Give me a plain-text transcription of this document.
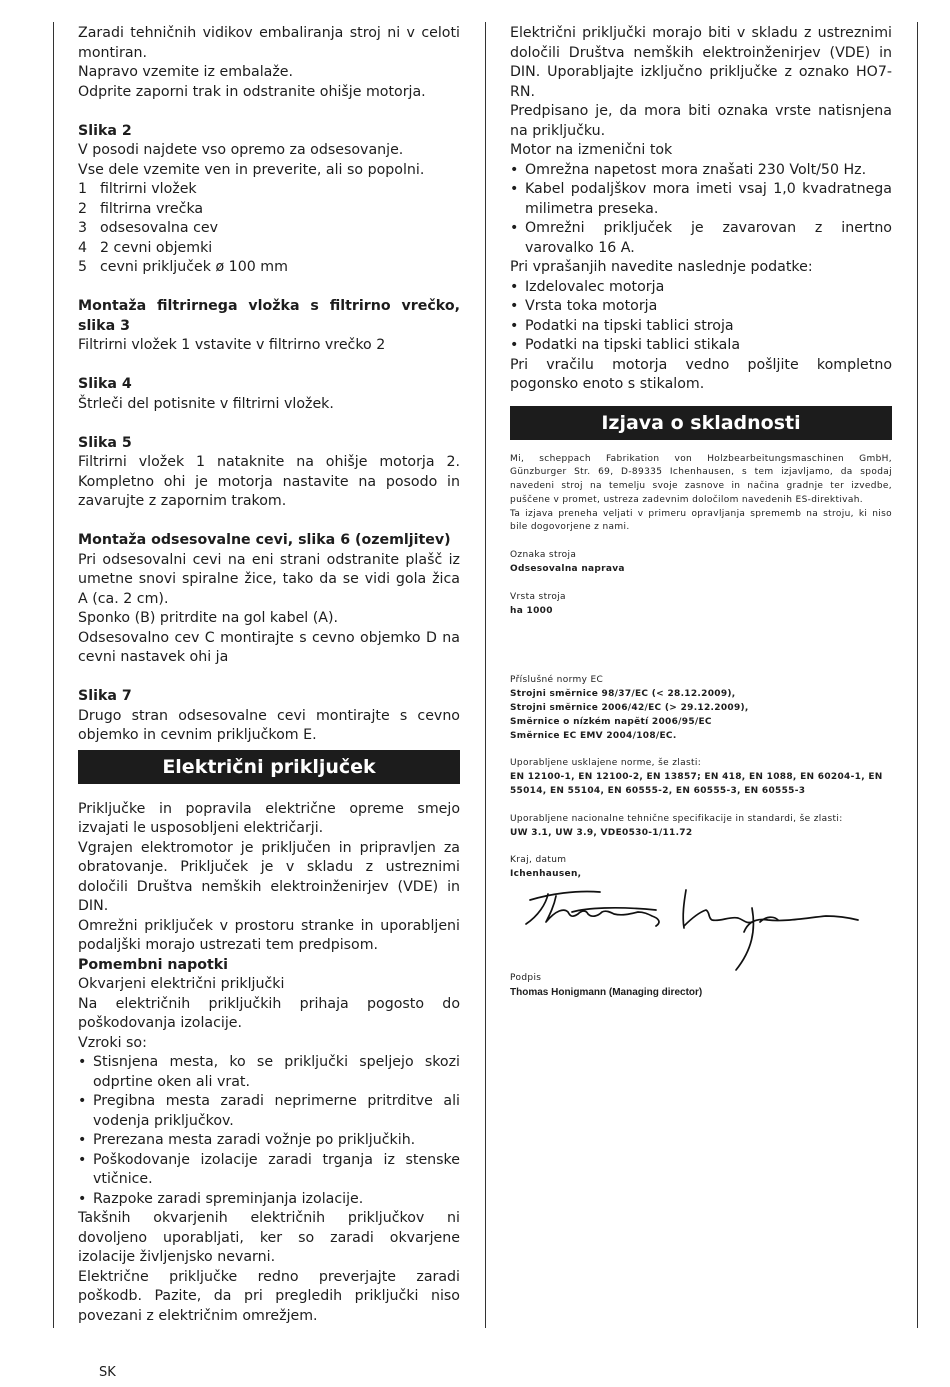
Zaradi tehničnih vidikov embaliranja stroj ni v celoti montiran.

Napravo vzemite iz embalaže.

Odprite zaporni trak in odstranite ohišje motorja.

Slika 2

V posodi najdete vso opremo za odsesovanje.

Vse dele vzemite ven in preverite, ali so popolni.

1 filtrirni vložek
2 filtrirna vrečka
3 odsesovalna cev
4 2 cevni objemki
5 cevni priključek ø 100 mm

Montaža filtrirnega vložka s filtrirno vrečko, slika 3

Filtrirni vložek 1 vstavite v filtrirno vrečko 2

Slika 4

Štrleči del potisnite v filtrirni vložek.

Slika 5

Filtrirni vložek 1 nataknite na ohišje motorja 2. Kompletno ohi je motorja nastavite na posodo in zavarujte z zapornim trakom.

Montaža odsesovalne cevi, slika 6 (ozemljitev)

Pri odsesovalni cevi na eni strani odstranite plašč iz umetne snovi spiralne žice, tako da se vidi gola žica A (ca. 2 cm).

Sponko (B) pritrdite na gol kabel (A).

Odsesovalno cev C montirajte s cevno objemko D na cevni nastavek ohi ja

Slika 7

Drugo stran odsesovalne cevi montirajte s cevno objemko in cevnim priključkom E.

Električni priključek

Priključke in popravila električne opreme smejo izvajati le usposobljeni električarji.

Vgrajen elektromotor je priključen in pripravljen za obratovanje. Priključek je v skladu z ustreznimi določili Društva nemških elektroinženirjev (VDE) in DIN.

Omrežni priključek v prostoru stranke in uporabljeni podaljški morajo ustrezati tem predpisom.

Pomembni napotki

Okvarjeni električni priključki

Na električnih priključkih prihaja pogosto do poškodovanja izolacije.

Vzroki so:

• Stisnjena mesta, ko se priključki speljejo skozi odprtine oken ali vrat.
• Pregibna mesta zaradi neprimerne pritrditve ali vodenja priključkov.
• Prerezana mesta zaradi vožnje po priključkih.
• Poškodovanje izolacije zaradi trganja iz stenske vtičnice.
• Razpoke zaradi spreminjanja izolacije.

Takšnih okvarjenih električnih priključkov ni dovoljeno uporabljati, ker so zaradi okvarjene izolacije življenjsko nevarni.

Električne priključke redno preverjajte zaradi poškodb. Pazite, da pri pregledih priključki niso povezani z električnim omrežjem.

Električni priključki morajo biti v skladu z ustreznimi določili Društva nemških elektroinženirjev (VDE) in DIN. Uporabljajte izključno priključke z oznako HO7-RN.

Predpisano je, da mora biti oznaka vrste natisnjena na priključku.

Motor na izmenični tok

• Omrežna napetost mora znašati 230 Volt/50 Hz.
• Kabel podaljškov mora imeti vsaj 1,0 kvadratnega milimetra preseka.
• Omrežni priključek je zavarovan z inertno varovalko 16 A.

Pri vprašanjih navedite naslednje podatke:

• Izdelovalec motorja
• Vrsta toka motorja
• Podatki na tipski tablici stroja
• Podatki na tipski tablici stikala

Pri vračilu motorja vedno pošljite kompletno pogonsko enoto s stikalom.

Izjava o skladnosti

Mi, scheppach Fabrikation von Holzbearbeitungsmaschinen GmbH, Günzburger Str. 69, D-89335 Ichenhausen, s tem izjavljamo, da spodaj navedeni stroj na temelju svoje zasnove in načina gradnje ter izvedbe, puščene v promet, ustreza zadevnim določilom navedenih ES-direktivah.

Ta izjava preneha veljati v primeru opravljanja sprememb na stroju, ki niso bile dogovorjene z nami.

Oznaka stroja

Odsesovalna naprava

Vrsta stroja

ha 1000

Příslušné normy EC

Strojni smĕrnice 98/37/EC (< 28.12.2009),

Strojni smĕrnice 2006/42/EC (> 29.12.2009),

Smĕrnice o nízkém napĕtí 2006/95/EC

Smĕrnice EC EMV 2004/108/EC.

Uporabljene usklajene norme, še zlasti:

EN 12100-1, EN 12100-2, EN 13857; EN 418, EN 1088, EN 60204-1, EN 55014, EN 55104, EN 60555-2, EN 60555-3, EN 60555-3

Uporabljene nacionalne tehnične specifikacije in standardi, še zlasti:

UW 3.1, UW 3.9, VDE0530-1/11.72

Kraj, datum

Ichenhausen,

Podpis

Thomas Honigmann (Managing director)

SK
